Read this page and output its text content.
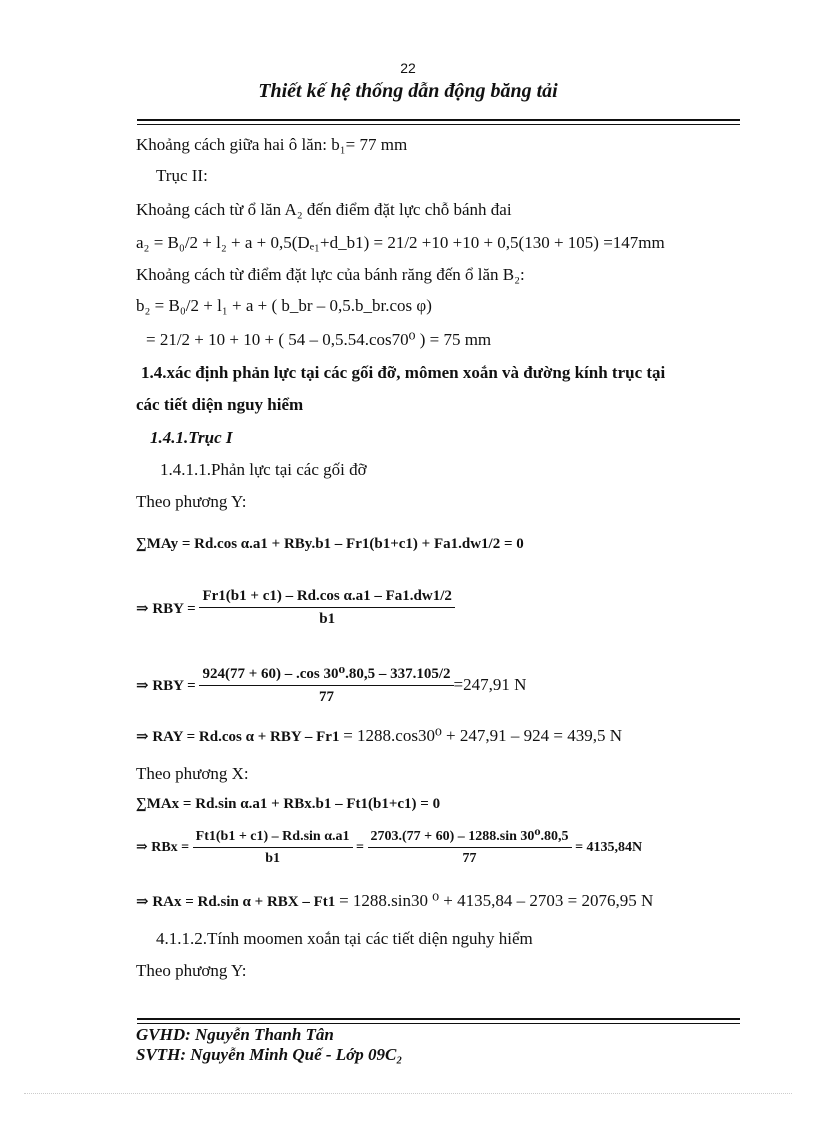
22
Thiết kế hệ thống dẫn động băng tải
Khoảng cách giữa hai ô lăn: b₁= 77 mm
Trục II:
Khoảng cách từ ổ lăn A₂ đến điểm đặt lực chỗ bánh đai
a₂ = B₀/2 + l₂ + a + 0,5(Dₑ₁+d_b1) = 21/2 +10 +10 + 0,5(130 + 105) =147mm
Khoảng cách từ điểm đặt lực của bánh răng đến ổ lăn B₂:
b₂ = B₀/2 + l₁ + a + ( b_br – 0,5.b_br.cos φ)
= 21/2 + 10 + 10 + ( 54 – 0,5.54.cos70⁰ ) = 75 mm
1.4.xác định phản lực tại các gối đỡ, mômen xoắn và đường kính trục tại
các tiết diện nguy hiểm
1.4.1.Trục I
1.4.1.1.Phản lực tại các gối đỡ
Theo phương Y:
∑MAy = Rd.cos α.a1 + RBy.b1 – Fr1(b1+c1) + Fa1.dw1/2 = 0
⇒ RBY =
$\frac{\text{Fr1(b1 + c1) – Rd.cos α.a1 – Fa1.dw1/2}}{b1}$
⇒ RBY =
$\frac{\text{924(77 + 60) – .cos 30⁰.80,5 – 337.105/2}}{77} =247,91$ N
⇒ RAY = Rd.cos α + RBY – Fr1 = 1288.cos30⁰ + 247,91 – 924 = 439,5 N
Theo phương X:
∑MAx = Rd.sin α.a1 + RBx.b1 – Ft1(b1+c1) = 0
⇒ RBx =
$\frac{\text{Ft1(b1 + c1) – Rd.sin α.a1}}{b1} = \frac{\text{2703.(77 + 60) – 1288.sin 30⁰.80,5}}{77}$
= 4135,84N
⇒ RAx = Rd.sin α + RBX – Ft1 = 1288.sin30 ⁰ + 4135,84 – 2703 = 2076,95 N
4.1.1.2.Tính moomen xoắn tại các tiết diện nguhy hiểm
Theo phương Y:
GVHD: Nguyễn Thanh Tân
SVTH: Nguyễn Minh Quế - Lớp 09C₂
